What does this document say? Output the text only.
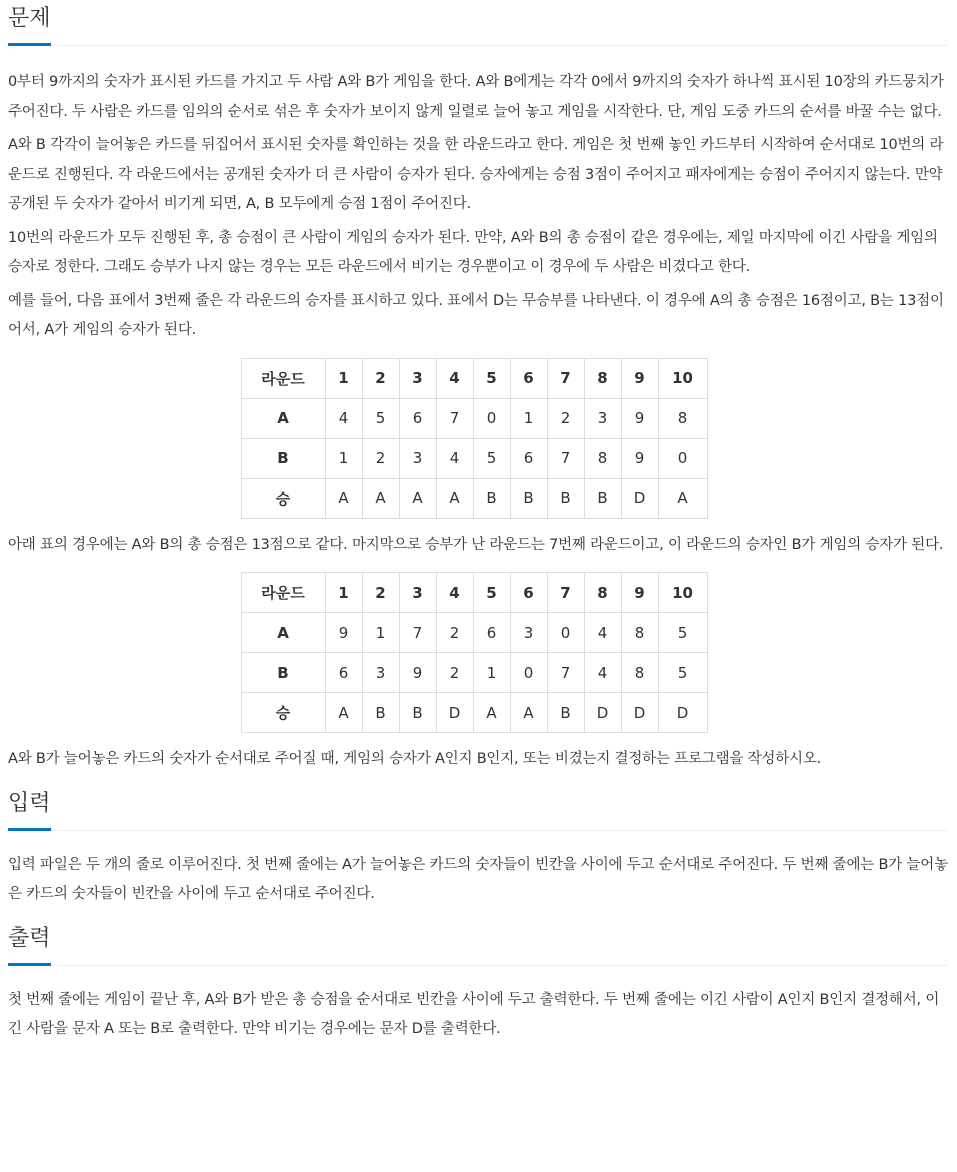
문제

0부터 9까지의 숫자가 표시된 카드를 가지고 두 사람 A와 B가 게임을 한다. A와 B에게는 각각 0에서 9까지의 숫자가 하나씩 표시된 10장의 카드뭉치가 주어진다. 두 사람은 카드를 임의의 순서로 섞은 후 숫자가 보이지 않게 일렬로 늘어 놓고 게임을 시작한다. 단, 게임 도중 카드의 순서를 바꿀 수는 없다.

A와 B 각각이 늘어놓은 카드를 뒤집어서 표시된 숫자를 확인하는 것을 한 라운드라고 한다. 게임은 첫 번째 놓인 카드부터 시작하여 순서대로 10번의 라운드로 진행된다. 각 라운드에서는 공개된 숫자가 더 큰 사람이 승자가 된다. 승자에게는 승점 3점이 주어지고 패자에게는 승점이 주어지지 않는다. 만약 공개된 두 숫자가 같아서 비기게 되면, A, B 모두에게 승점 1점이 주어진다.

10번의 라운드가 모두 진행된 후, 총 승점이 큰 사람이 게임의 승자가 된다. 만약, A와 B의 총 승점이 같은 경우에는, 제일 마지막에 이긴 사람을 게임의 승자로 정한다. 그래도 승부가 나지 않는 경우는 모든 라운드에서 비기는 경우뿐이고 이 경우에 두 사람은 비겼다고 한다.

예를 들어, 다음 표에서 3번째 줄은 각 라운드의 승자를 표시하고 있다. 표에서 D는 무승부를 나타낸다. 이 경우에 A의 총 승점은 16점이고, B는 13점이어서, A가 게임의 승자가 된다.

라운드	1	2	3	4	5	6	7	8	9	10
A	4	5	6	7	0	1	2	3	9	8
B	1	2	3	4	5	6	7	8	9	0
승	A	A	A	A	B	B	B	B	D	A

아래 표의 경우에는 A와 B의 총 승점은 13점으로 같다. 마지막으로 승부가 난 라운드는 7번째 라운드이고, 이 라운드의 승자인 B가 게임의 승자가 된다.

라운드	1	2	3	4	5	6	7	8	9	10
A	9	1	7	2	6	3	0	4	8	5
B	6	3	9	2	1	0	7	4	8	5
승	A	B	B	D	A	A	B	D	D	D

A와 B가 늘어놓은 카드의 숫자가 순서대로 주어질 때, 게임의 승자가 A인지 B인지, 또는 비겼는지 결정하는 프로그램을 작성하시오.

입력

입력 파일은 두 개의 줄로 이루어진다. 첫 번째 줄에는 A가 늘어놓은 카드의 숫자들이 빈칸을 사이에 두고 순서대로 주어진다. 두 번째 줄에는 B가 늘어놓은 카드의 숫자들이 빈칸을 사이에 두고 순서대로 주어진다.

출력

첫 번째 줄에는 게임이 끝난 후, A와 B가 받은 총 승점을 순서대로 빈칸을 사이에 두고 출력한다. 두 번째 줄에는 이긴 사람이 A인지 B인지 결정해서, 이긴 사람을 문자 A 또는 B로 출력한다. 만약 비기는 경우에는 문자 D를 출력한다.
